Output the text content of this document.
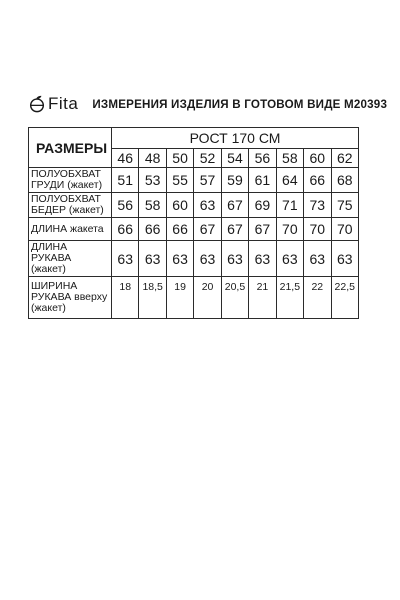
Fita ИЗМЕРЕНИЯ ИЗДЕЛИЯ В ГОТОВОМ ВИДЕ М20393
РАЗМЕРЫ	РОСТ 170 СМ								
	46	48	50	52	54	56	58	60	62
ПОЛУОБХВАТ
ГРУДИ (жакет)	51	53	55	57	59	61	64	66	68
ПОЛУОБХВАТ
БЕДЕР (жакет)	56	58	60	63	67	69	71	73	75
ДЛИНА жакета	66	66	66	67	67	67	70	70	70
ДЛИНА РУКАВА
(жакет)	63	63	63	63	63	63	63	63	63
ШИРИНА
РУКАВА вверху
(жакет)	18	18,5	19	20	20,5	21	21,5	22	22,5
